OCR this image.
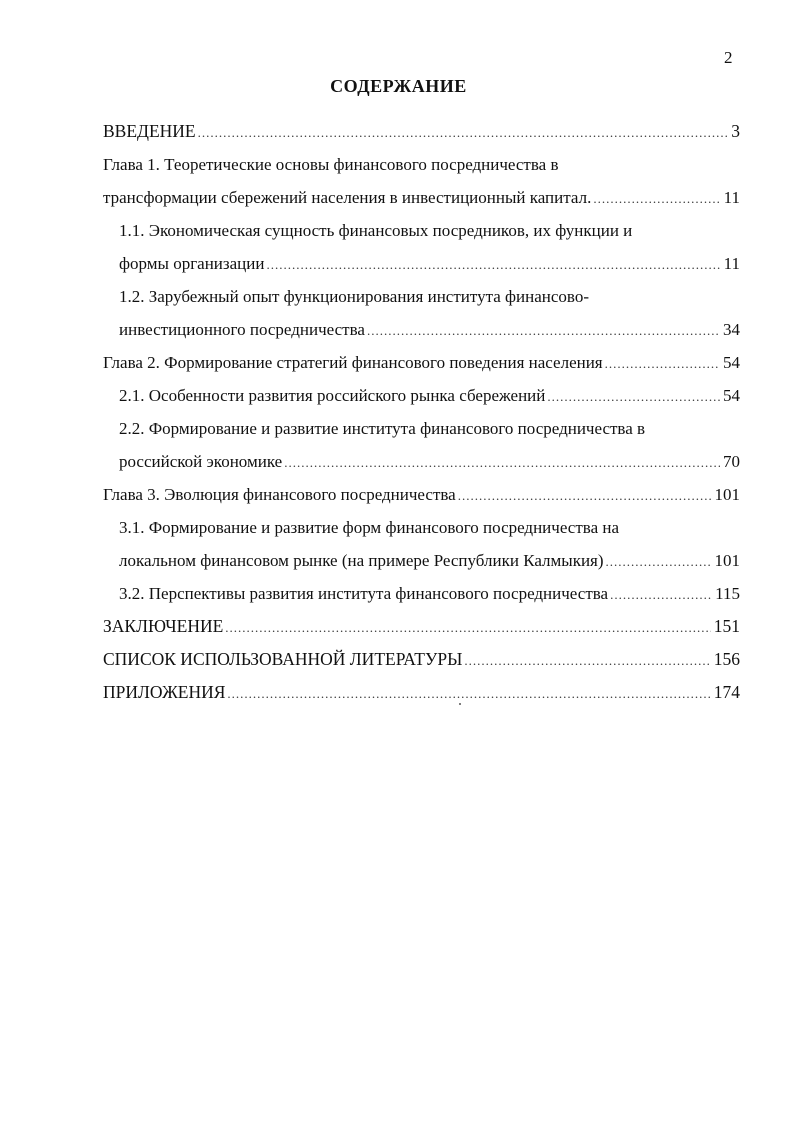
2
СОДЕРЖАНИЕ
ВВЕДЕНИЕ .....	3
Глава 1. Теоретические основы финансового посредничества в
трансформации сбережений населения в инвестиционный капитал. .....	11
1.1. Экономическая сущность финансовых посредников, их функции и
формы организации .....	11
1.2. Зарубежный опыт функционирования института финансово-
инвестиционного посредничества .....	34
Глава 2. Формирование стратегий финансового поведения населения .....	54
2.1. Особенности развития российского рынка сбережений .....	54
2.2. Формирование и развитие института финансового посредничества в
российской экономике .....	70
Глава 3. Эволюция финансового посредничества .....	101
3.1. Формирование и развитие форм финансового посредничества на
локальном финансовом рынке (на примере Республики Калмыкия) .....	101
3.2. Перспективы развития института финансового посредничества .....	115
ЗАКЛЮЧЕНИЕ .....	151
СПИСОК ИСПОЛЬЗОВАННОЙ ЛИТЕРАТУРЫ .....	156
ПРИЛОЖЕНИЯ .....	174
